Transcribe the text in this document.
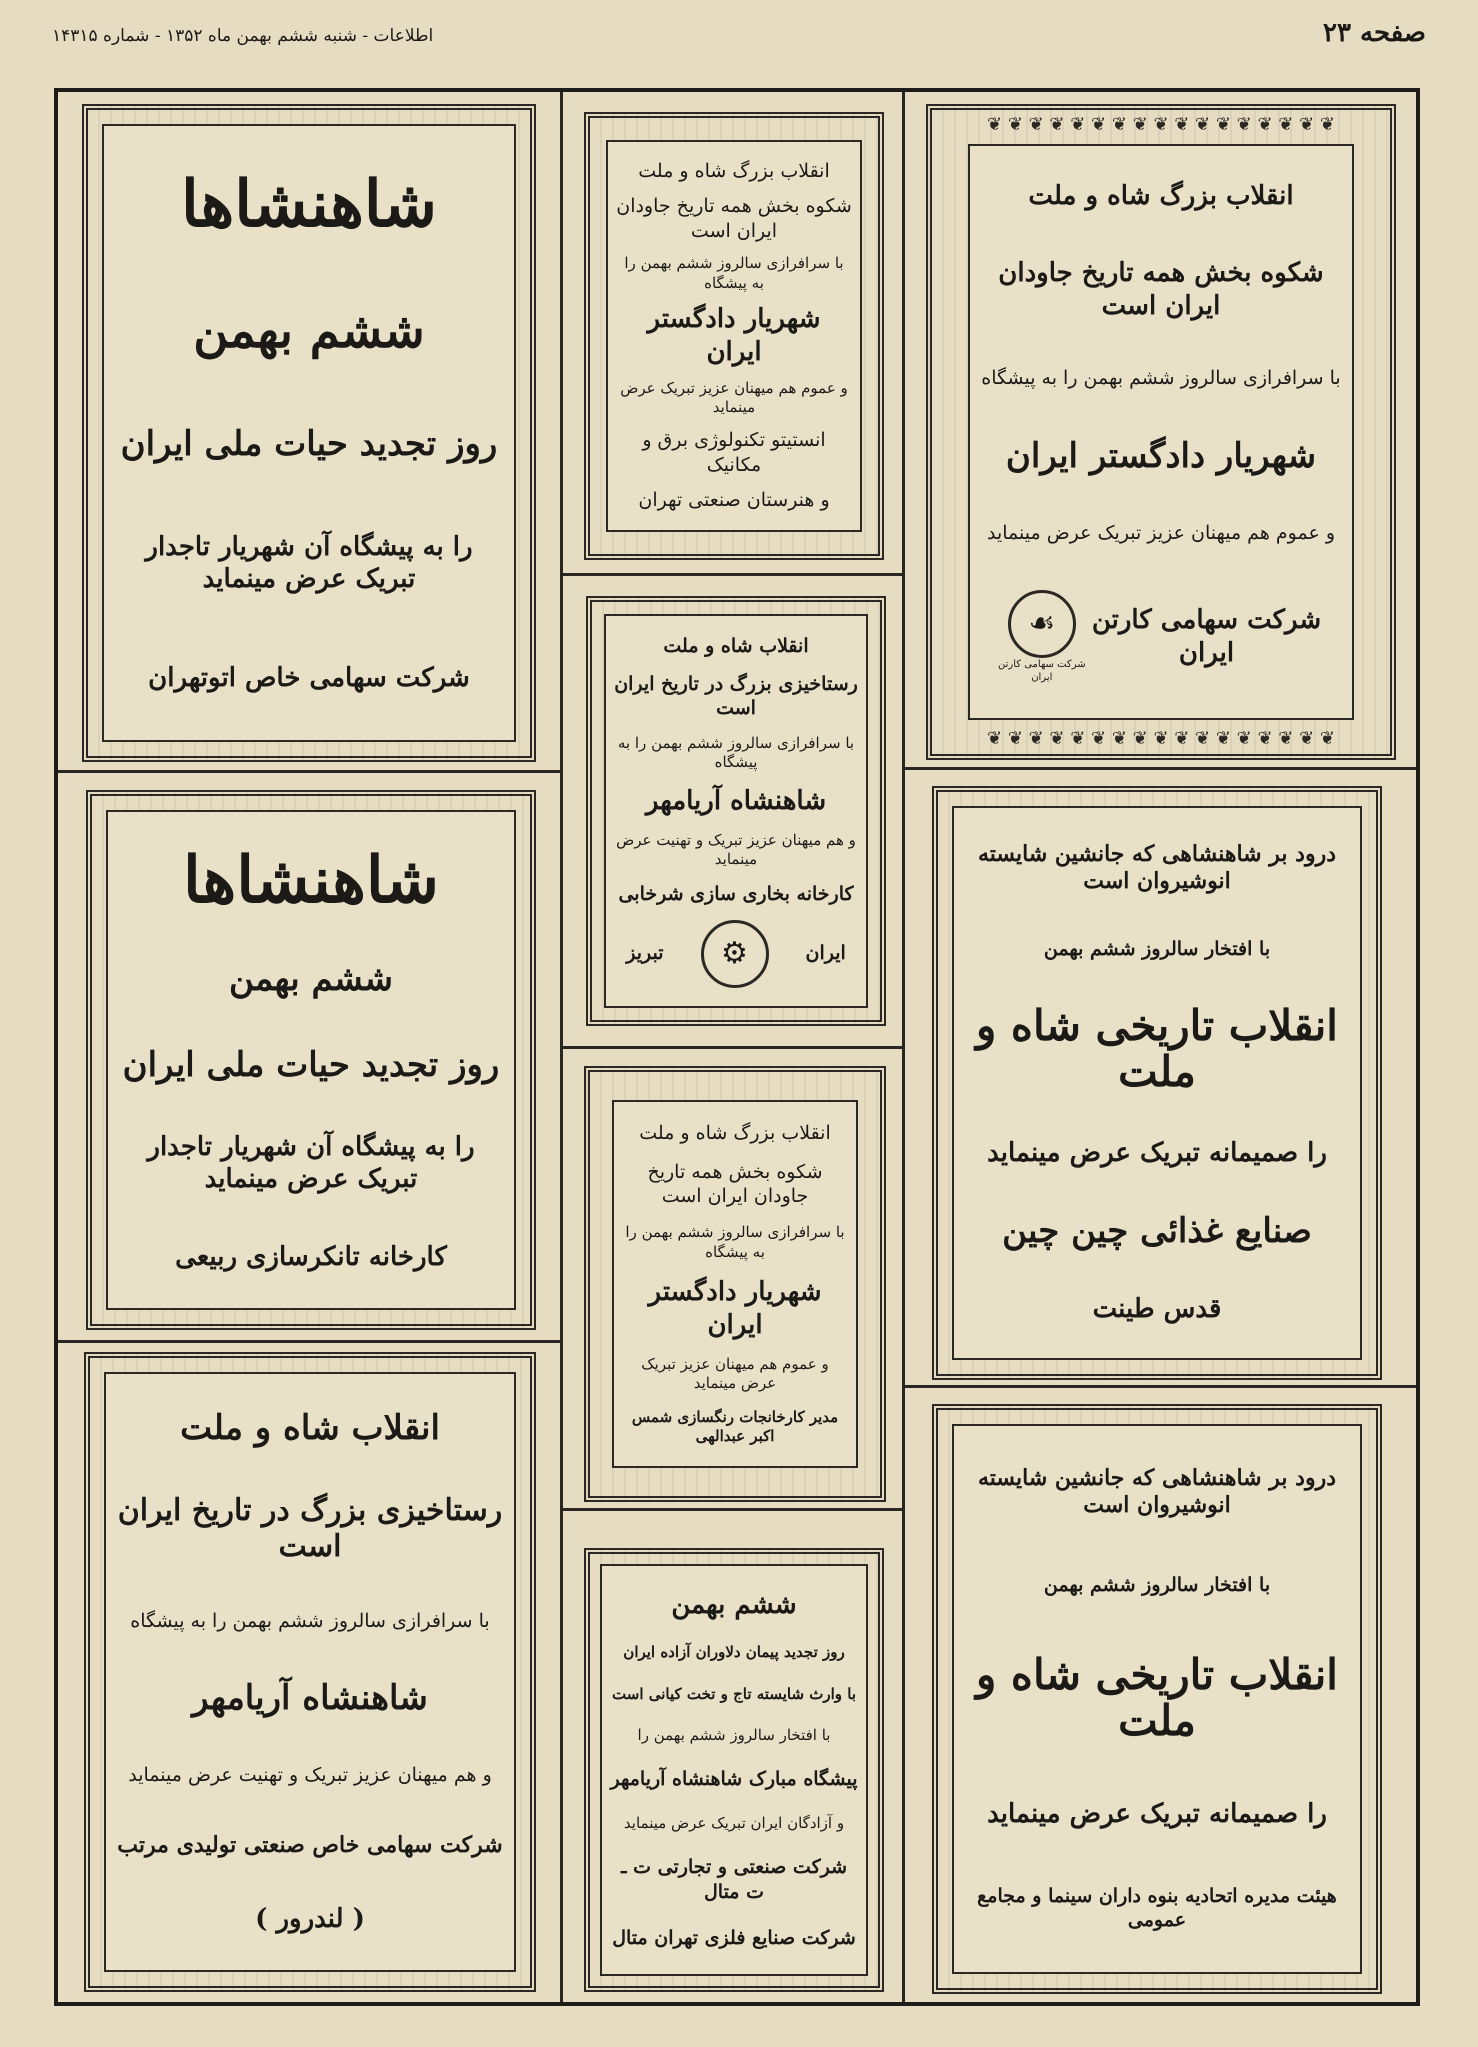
صفحه ۲۳
اطلاعات - شنبه ششم بهمن ماه ۱۳۵۲ - شماره ۱۴۳۱۵
شاهنشاها
ششم بهمن
روز تجدید حیات ملی ایران
را به پیشگاه آن شهریار تاجدار تبریک عرض مینماید
شرکت سهامی خاص اتوتهران
انقلاب بزرگ شاه و ملت
شکوه بخش همه تاریخ جاودان ایران است
با سرافرازی سالروز ششم بهمن را به پیشگاه
شهریار دادگستر ایران
و عموم هم میهنان عزیز تبریک عرض مینماید
انستیتو تکنولوژی برق و مکانیک
و هنرستان صنعتی تهران
❦ ❦ ❦ ❦ ❦ ❦ ❦ ❦ ❦ ❦ ❦ ❦ ❦ ❦ ❦ ❦ ❦
❦ ❦ ❦ ❦ ❦ ❦ ❦ ❦ ❦ ❦ ❦ ❦ ❦ ❦ ❦ ❦ ❦
انقلاب بزرگ شاه و ملت
شکوه بخش همه تاریخ جاودان ایران است
با سرافرازی سالروز ششم بهمن را به پیشگاه
شهریار دادگستر ایران
و عموم هم میهنان عزیز تبریک عرض مینماید
شرکت سهامی کارتن ایران
☙
شرکت سهامی کارتن ایران
انقلاب شاه و ملت
رستاخیزی بزرگ در تاریخ ایران است
با سرافرازی سالروز ششم بهمن را به پیشگاه
شاهنشاه آریامهر
و هم میهنان عزیز تبریک و تهنیت عرض مینماید
کارخانه بخاری سازی شرخابی
ایران
⚙
تبریز
شاهنشاها
ششم بهمن
روز تجدید حیات ملی ایران
را به پیشگاه آن شهریار تاجدار تبریک عرض مینماید
کارخانه تانکرسازی ربیعی
درود بر شاهنشاهی که جانشین شایسته انوشیروان است
با افتخار سالروز ششم بهمن
انقلاب تاریخی شاه و ملت
را صمیمانه تبریک عرض مینماید
صنایع غذائی چین چین
قدس طینت
انقلاب بزرگ شاه و ملت
شکوه بخش همه تاریخ جاودان ایران است
با سرافرازی سالروز ششم بهمن را به پیشگاه
شهریار دادگستر ایران
و عموم هم میهنان عزیز تبریک عرض مینماید
مدیر کارخانجات رنگسازی شمس اکبر عبدالهی
انقلاب شاه و ملت
رستاخیزی بزرگ در تاریخ ایران است
با سرافرازی سالروز ششم بهمن را به پیشگاه
شاهنشاه آریامهر
و هم میهنان عزیز تبریک و تهنیت عرض مینماید
شرکت سهامی خاص صنعتی تولیدی مرتب
( لندرور )
ششم بهمن
روز تجدید پیمان دلاوران آزاده ایران
با وارث شایسته تاج و تخت کیانی است
با افتخار سالروز ششم بهمن را
پیشگاه مبارک شاهنشاه آریامهر
و آزادگان ایران تبریک عرض مینماید
شرکت صنعتی و تجارتی ت ـ ت متال
شرکت صنایع فلزی تهران متال
درود بر شاهنشاهی که جانشین شایسته انوشیروان است
با افتخار سالروز ششم بهمن
انقلاب تاریخی شاه و ملت
را صمیمانه تبریک عرض مینماید
هیئت مدیره اتحادیه بنوه داران سینما و مجامع عمومی
